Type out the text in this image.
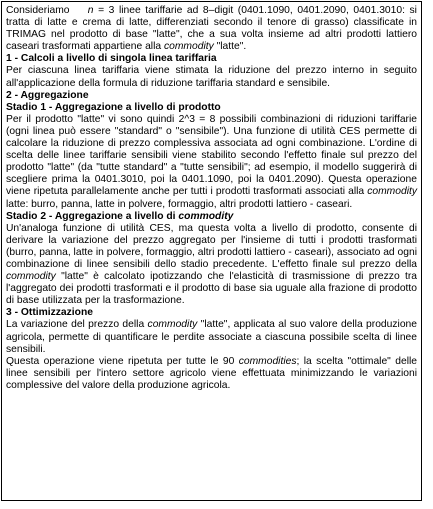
Consideriamo    n = 3 linee tariffarie ad 8–digit (0401.1090, 0401.2090, 0401.3010: si tratta di latte e crema di latte, differenziati secondo il tenore di grasso) classificate in TRIMAG nel prodotto di base "latte", che a sua volta insieme ad altri prodotti lattiero caseari trasformati appartiene alla commodity "latte".

1 - Calcoli a livello di singola linea tariffaria

Per ciascuna linea tariffaria viene stimata la riduzione del prezzo interno in seguito all'applicazione della formula di riduzione tariffaria standard e sensibile.

2 - Aggregazione

Stadio 1 - Aggregazione a livello di prodotto

Per il prodotto "latte" vi sono quindi 2^3 = 8 possibili combinazioni di riduzioni tariffarie (ogni linea può essere "standard" o "sensibile"). Una funzione di utilità CES permette di calcolare la riduzione di prezzo complessiva associata ad ogni combinazione. L'ordine di scelta delle linee tariffarie sensibili viene stabilito secondo l'effetto finale sul prezzo del prodotto "latte" (da "tutte standard" a "tutte sensibili"; ad esempio, il modello suggerirà di scegliere prima la 0401.3010, poi la 0401.1090, poi la 0401.2090). Questa operazione viene ripetuta parallelamente anche per tutti i prodotti trasformati associati alla commodity latte: burro, panna, latte in polvere, formaggio, altri prodotti lattiero - caseari.

Stadio 2 - Aggregazione a livello di commodity

Un'analoga funzione di utilità CES, ma questa volta a livello di prodotto, consente di derivare la variazione del prezzo aggregato per l'insieme di tutti i prodotti trasformati (burro, panna, latte in polvere, formaggio, altri prodotti lattiero - caseari), associato ad ogni combinazione di linee sensibili dello stadio precedente. L'effetto finale sul prezzo della commodity "latte" è calcolato ipotizzando che l'elasticità di trasmissione di prezzo tra l'aggregato dei prodotti trasformati e il prodotto di base sia uguale alla frazione di prodotto di base utilizzata per la trasformazione.

3 - Ottimizzazione

La variazione del prezzo della commodity "latte", applicata al suo valore della produzione agricola, permette di quantificare le perdite associate a ciascuna possibile scelta di linee sensibili.

Questa operazione viene ripetuta per tutte le 90 commodities; la scelta "ottimale" delle linee sensibili per l'intero settore agricolo viene effettuata minimizzando le variazioni complessive del valore della produzione agricola.
